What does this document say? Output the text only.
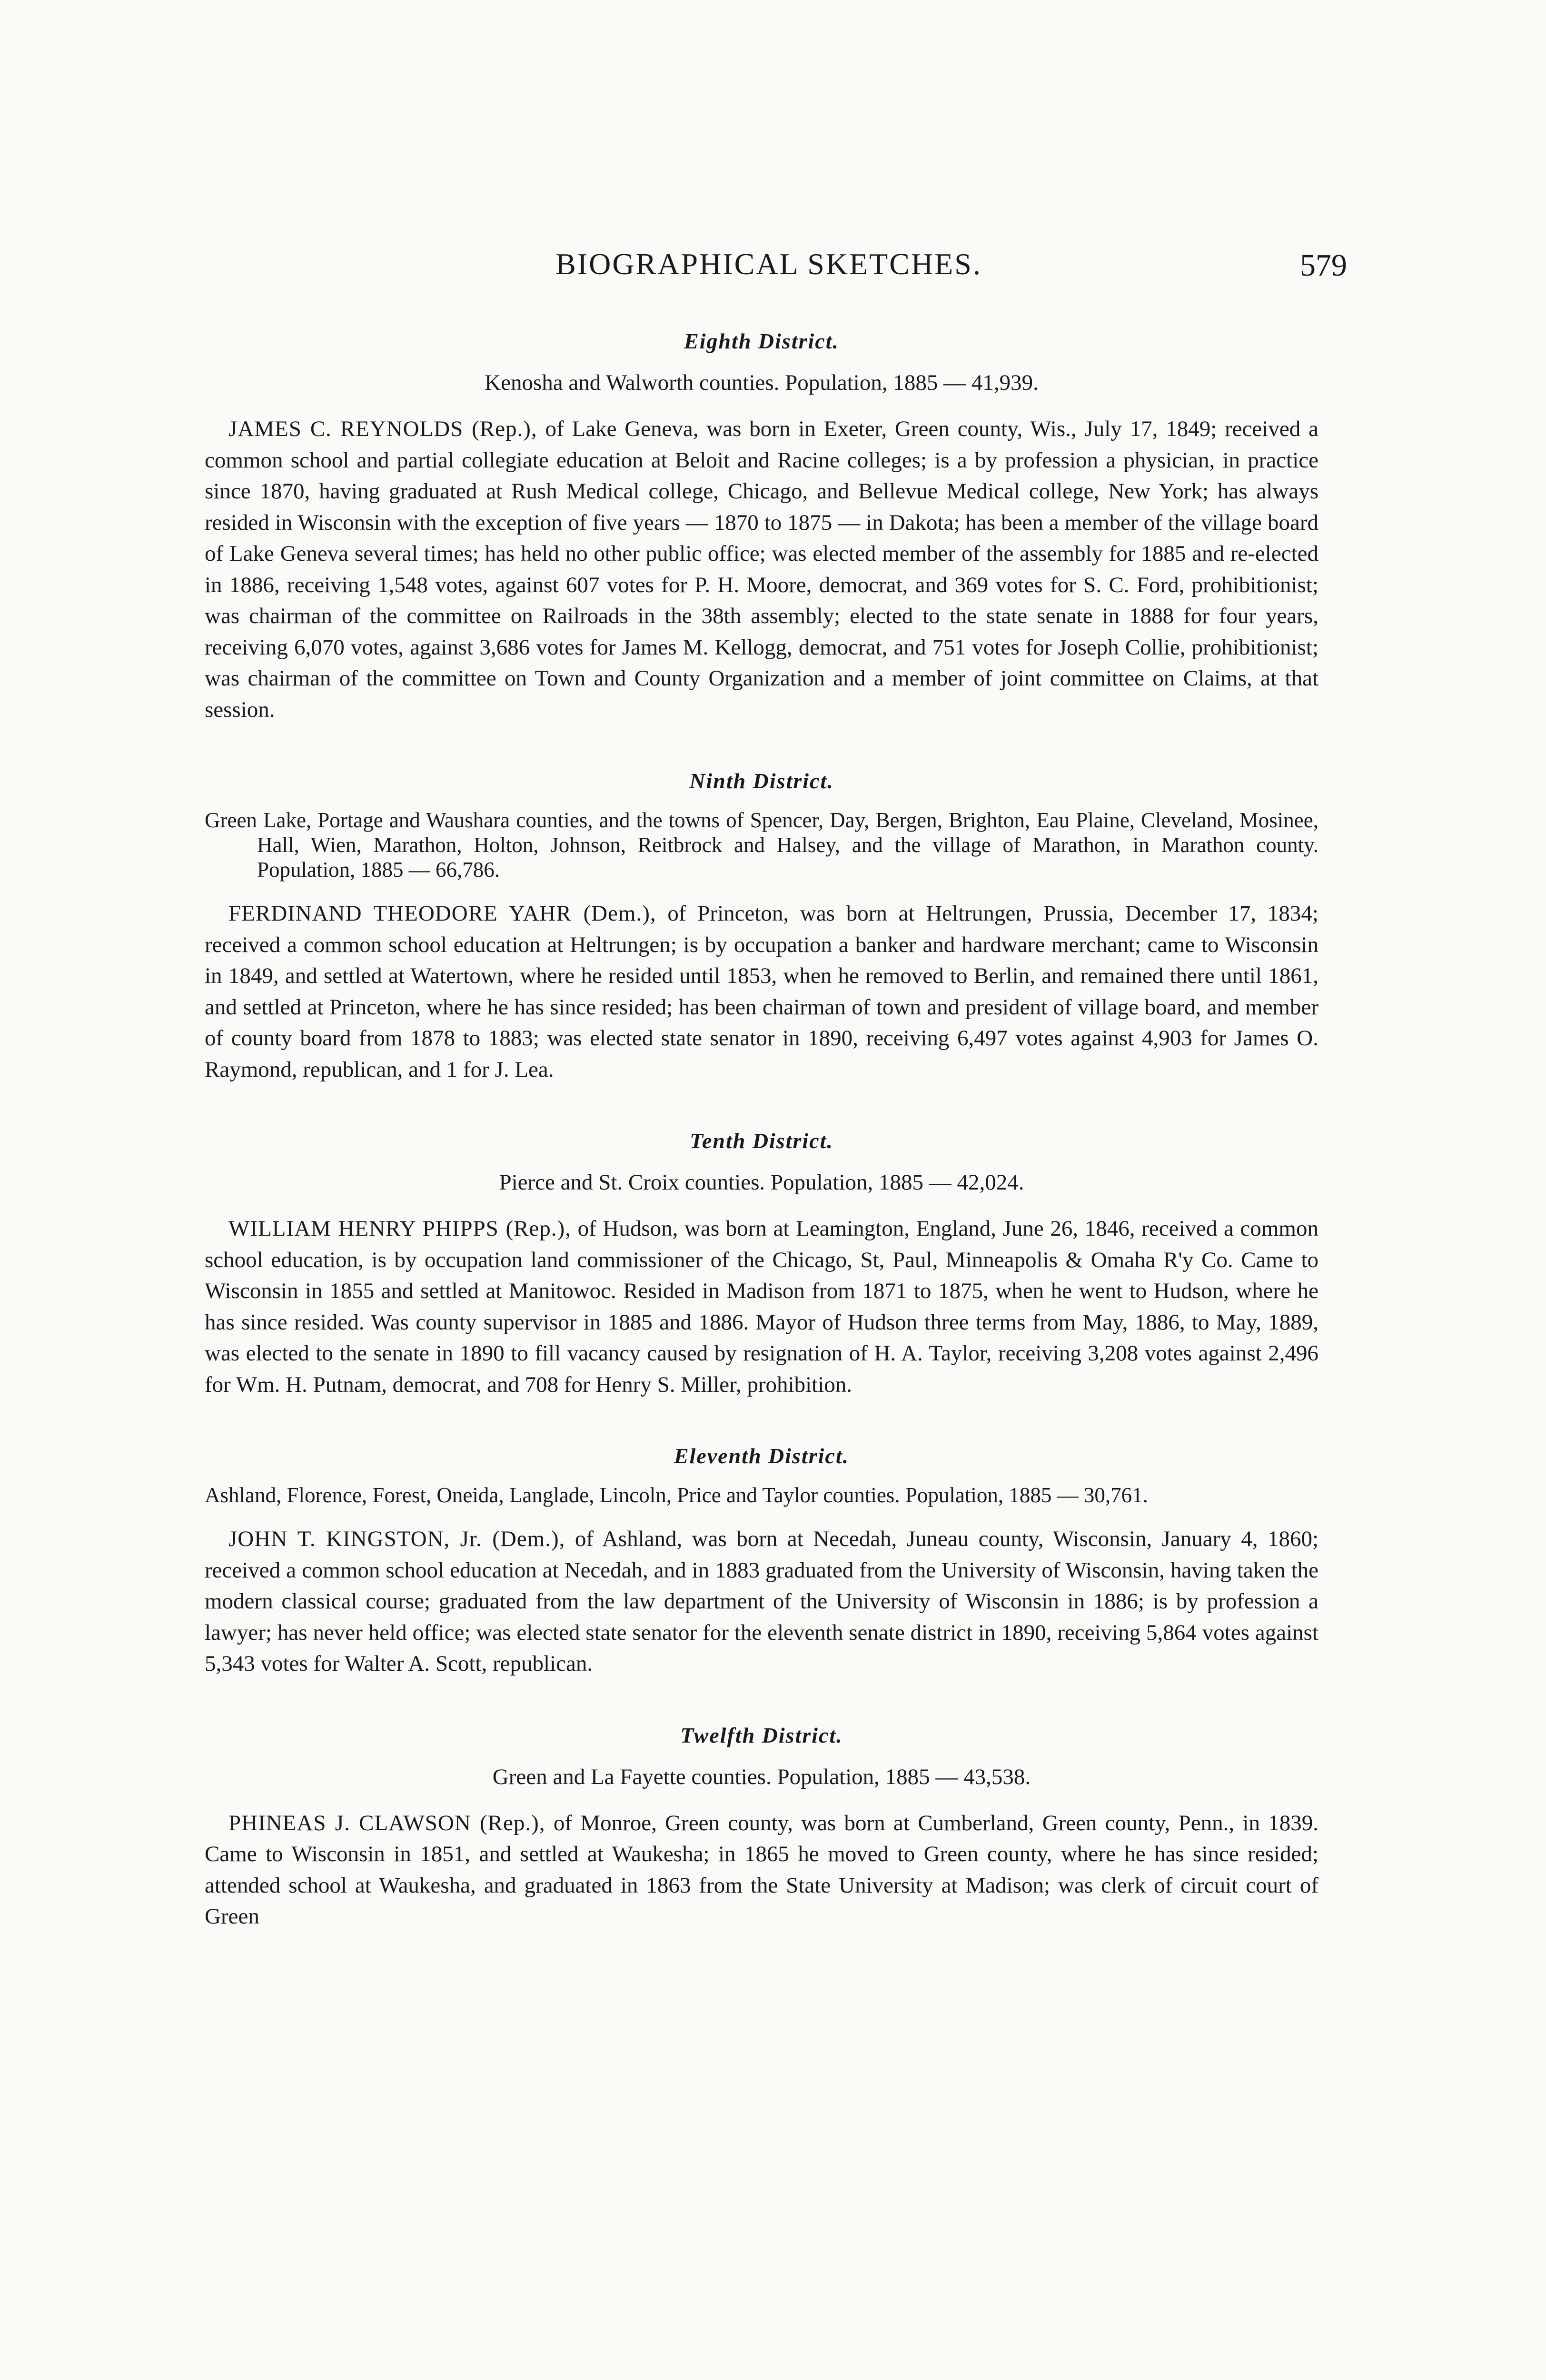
BIOGRAPHICAL SKETCHES.	579
Eighth District.
Kenosha and Walworth counties. Population, 1885 — 41,939.

JAMES C. REYNOLDS (Rep.), of Lake Geneva, was born in Exeter, Green county, Wis., July 17, 1849; received a common school and partial collegiate education at Beloit and Racine colleges; is a by profession a physician, in practice since 1870, having graduated at Rush Medical college, Chicago, and Bellevue Medical college, New York; has always resided in Wisconsin with the exception of five years — 1870 to 1875 — in Dakota; has been a member of the village board of Lake Geneva several times; has held no other public office; was elected member of the assembly for 1885 and re-elected in 1886, receiving 1,548 votes, against 607 votes for P. H. Moore, democrat, and 369 votes for S. C. Ford, prohibitionist; was chairman of the committee on Railroads in the 38th assembly; elected to the state senate in 1888 for four years, receiving 6,070 votes, against 3,686 votes for James M. Kellogg, democrat, and 751 votes for Joseph Collie, prohibitionist; was chairman of the committee on Town and County Organization and a member of joint committee on Claims, at that session.

Ninth District.
Green Lake, Portage and Waushara counties, and the towns of Spencer, Day, Bergen, Brighton, Eau Plaine, Cleveland, Mosinee, Hall, Wien, Marathon, Holton, Johnson, Reitbrock and Halsey, and the village of Marathon, in Marathon county. Population, 1885 — 66,786.

FERDINAND THEODORE YAHR (Dem.), of Princeton, was born at Heltrungen, Prussia, December 17, 1834; received a common school education at Heltrungen; is by occupation a banker and hardware merchant; came to Wisconsin in 1849, and settled at Watertown, where he resided until 1853, when he removed to Berlin, and remained there until 1861, and settled at Princeton, where he has since resided; has been chairman of town and president of village board, and member of county board from 1878 to 1883; was elected state senator in 1890, receiving 6,497 votes against 4,903 for James O. Raymond, republican, and 1 for J. Lea.

Tenth District.
Pierce and St. Croix counties. Population, 1885 — 42,024.

WILLIAM HENRY PHIPPS (Rep.), of Hudson, was born at Leamington, England, June 26, 1846, received a common school education, is by occupation land commissioner of the Chicago, St, Paul, Minneapolis & Omaha R'y Co. Came to Wisconsin in 1855 and settled at Manitowoc. Resided in Madison from 1871 to 1875, when he went to Hudson, where he has since resided. Was county supervisor in 1885 and 1886. Mayor of Hudson three terms from May, 1886, to May, 1889, was elected to the senate in 1890 to fill vacancy caused by resignation of H. A. Taylor, receiving 3,208 votes against 2,496 for Wm. H. Putnam, democrat, and 708 for Henry S. Miller, prohibition.

Eleventh District.
Ashland, Florence, Forest, Oneida, Langlade, Lincoln, Price and Taylor counties. Population, 1885 — 30,761.

JOHN T. KINGSTON, Jr. (Dem.), of Ashland, was born at Necedah, Juneau county, Wisconsin, January 4, 1860; received a common school education at Necedah, and in 1883 graduated from the University of Wisconsin, having taken the modern classical course; graduated from the law department of the University of Wisconsin in 1886; is by profession a lawyer; has never held office; was elected state senator for the eleventh senate district in 1890, receiving 5,864 votes against 5,343 votes for Walter A. Scott, republican.

Twelfth District.
Green and La Fayette counties. Population, 1885 — 43,538.

PHINEAS J. CLAWSON (Rep.), of Monroe, Green county, was born at Cumberland, Green county, Penn., in 1839. Came to Wisconsin in 1851, and settled at Waukesha; in 1865 he moved to Green county, where he has since resided; attended school at Waukesha, and graduated in 1863 from the State University at Madison; was clerk of circuit court of Green
